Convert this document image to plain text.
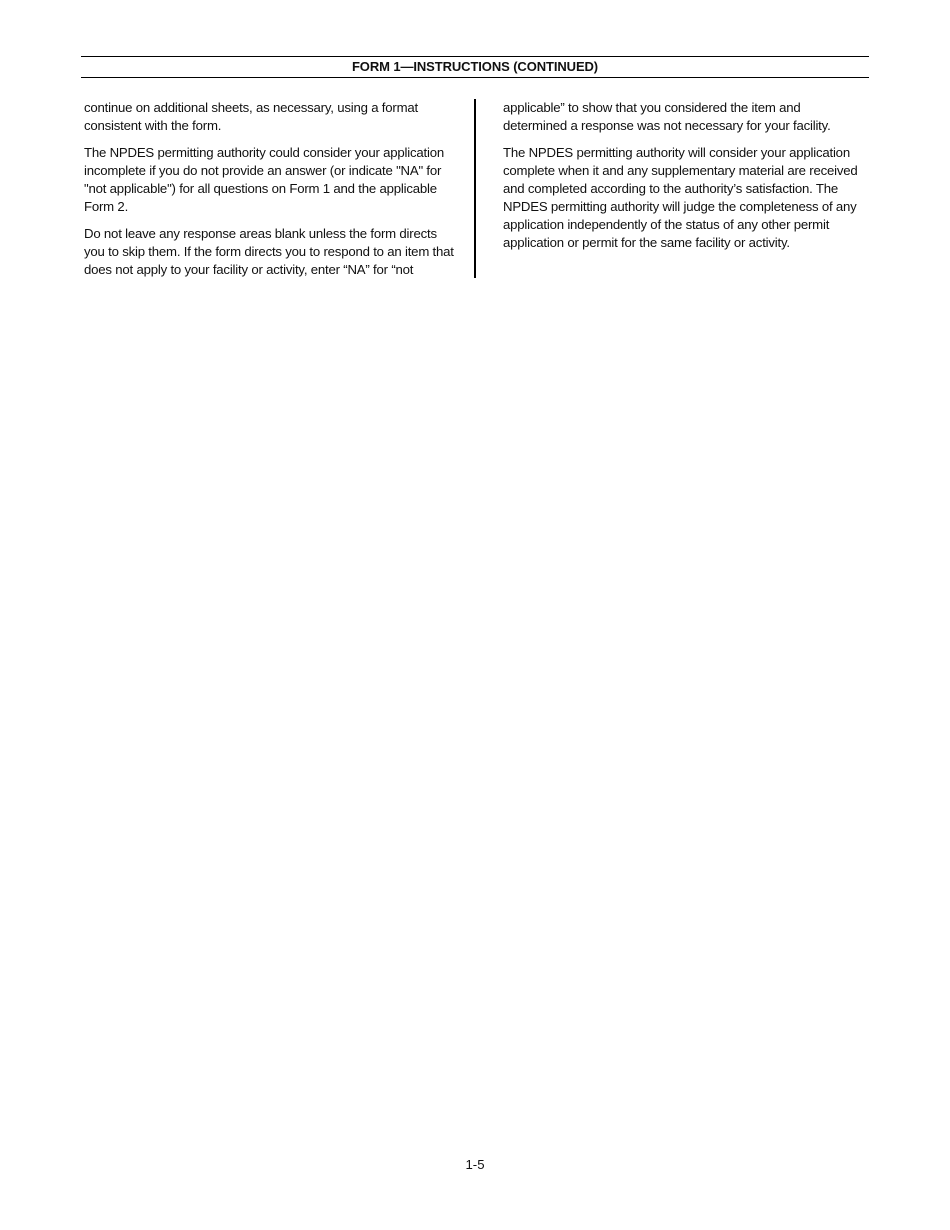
FORM 1—INSTRUCTIONS (CONTINUED)

continue on additional sheets, as necessary, using a format consistent with the form.

The NPDES permitting authority could consider your application incomplete if you do not provide an answer (or indicate "NA" for "not applicable") for all questions on Form 1 and the applicable Form 2.

Do not leave any response areas blank unless the form directs you to skip them. If the form directs you to respond to an item that does not apply to your facility or activity, enter “NA” for “not

applicable” to show that you considered the item and determined a response was not necessary for your facility.

The NPDES permitting authority will consider your application complete when it and any supplementary material are received and completed according to the authority’s satisfaction. The NPDES permitting authority will judge the completeness of any application independently of the status of any other permit application or permit for the same facility or activity.

1-5
